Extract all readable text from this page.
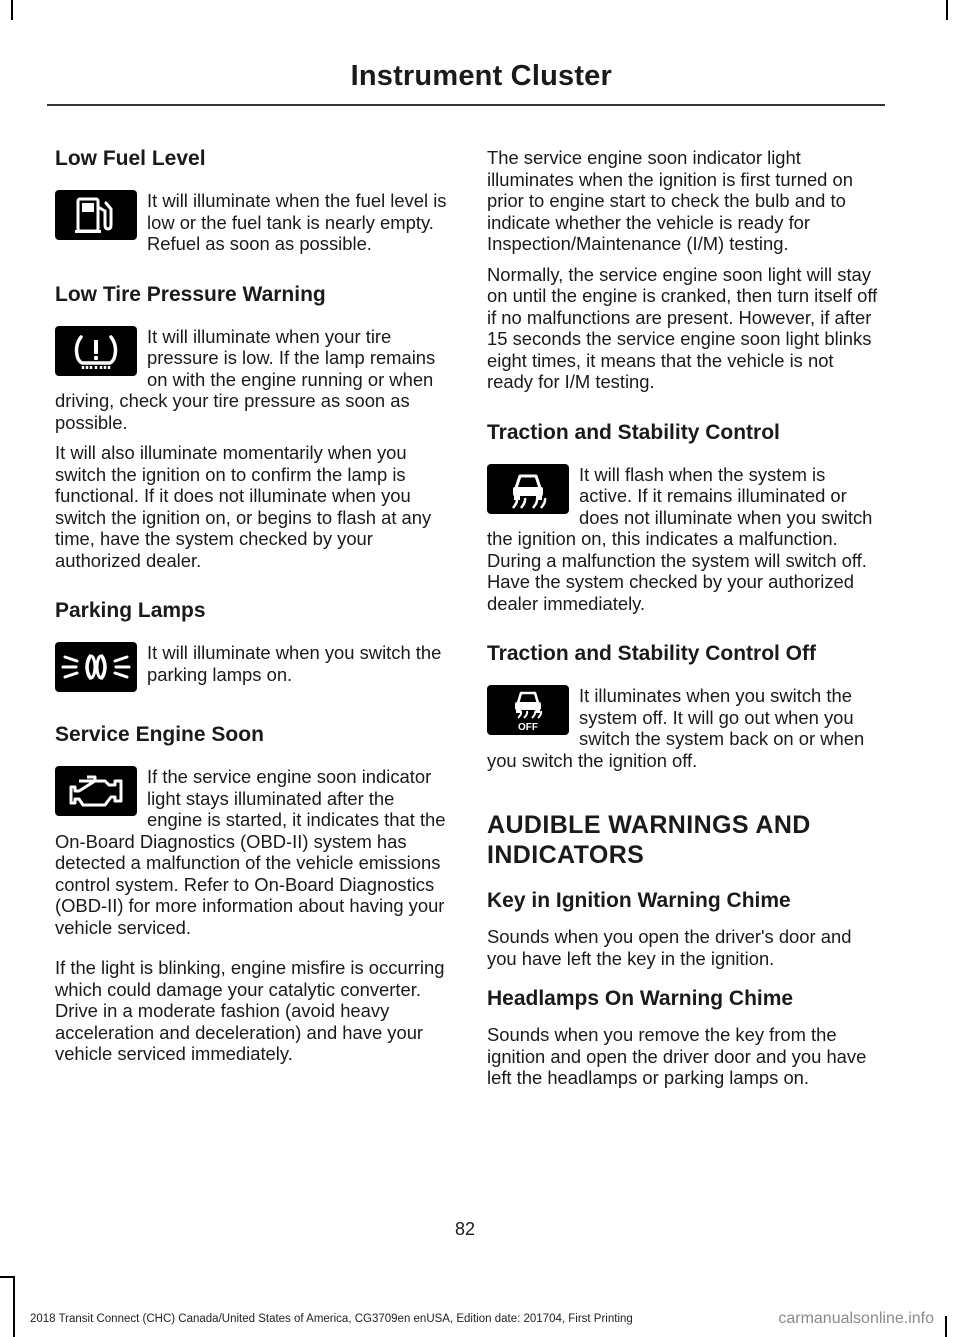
Instrument Cluster
Low Fuel Level

It will illuminate when the fuel level is low or the fuel tank is nearly empty. Refuel as soon as possible.

Low Tire Pressure Warning

It will illuminate when your tire pressure is low. If the lamp remains on with the engine running or when driving, check your tire pressure as soon as possible.

It will also illuminate momentarily when you switch the ignition on to confirm the lamp is functional. If it does not illuminate when you switch the ignition on, or begins to flash at any time, have the system checked by your authorized dealer.

Parking Lamps

It will illuminate when you switch the parking lamps on.

Service Engine Soon

If the service engine soon indicator light stays illuminated after the engine is started, it indicates that the On-Board Diagnostics (OBD-II) system has detected a malfunction of the vehicle emissions control system. Refer to On-Board Diagnostics (OBD-II) for more information about having your vehicle serviced.

If the light is blinking, engine misfire is occurring which could damage your catalytic converter. Drive in a moderate fashion (avoid heavy acceleration and deceleration) and have your vehicle serviced immediately.

The service engine soon indicator light illuminates when the ignition is first turned on prior to engine start to check the bulb and to indicate whether the vehicle is ready for Inspection/Maintenance (I/M) testing.

Normally, the service engine soon light will stay on until the engine is cranked, then turn itself off if no malfunctions are present. However, if after 15 seconds the service engine soon light blinks eight times, it means that the vehicle is not ready for I/M testing.

Traction and Stability Control

It will flash when the system is active. If it remains illuminated or does not illuminate when you switch the ignition on, this indicates a malfunction. During a malfunction the system will switch off. Have the system checked by your authorized dealer immediately.

Traction and Stability Control Off
OFF

It illuminates when you switch the system off. It will go out when you switch the system back on or when you switch the ignition off.

AUDIBLE WARNINGS AND
INDICATORS
Key in Ignition Warning Chime

Sounds when you open the driver's door and you have left the key in the ignition.

Headlamps On Warning Chime

Sounds when you remove the key from the ignition and open the driver door and you have left the headlamps or parking lamps on.

82
2018 Transit Connect (CHC) Canada/United States of America, CG3709en enUSA, Edition date: 201704, First Printing	carmanualsonline.info
